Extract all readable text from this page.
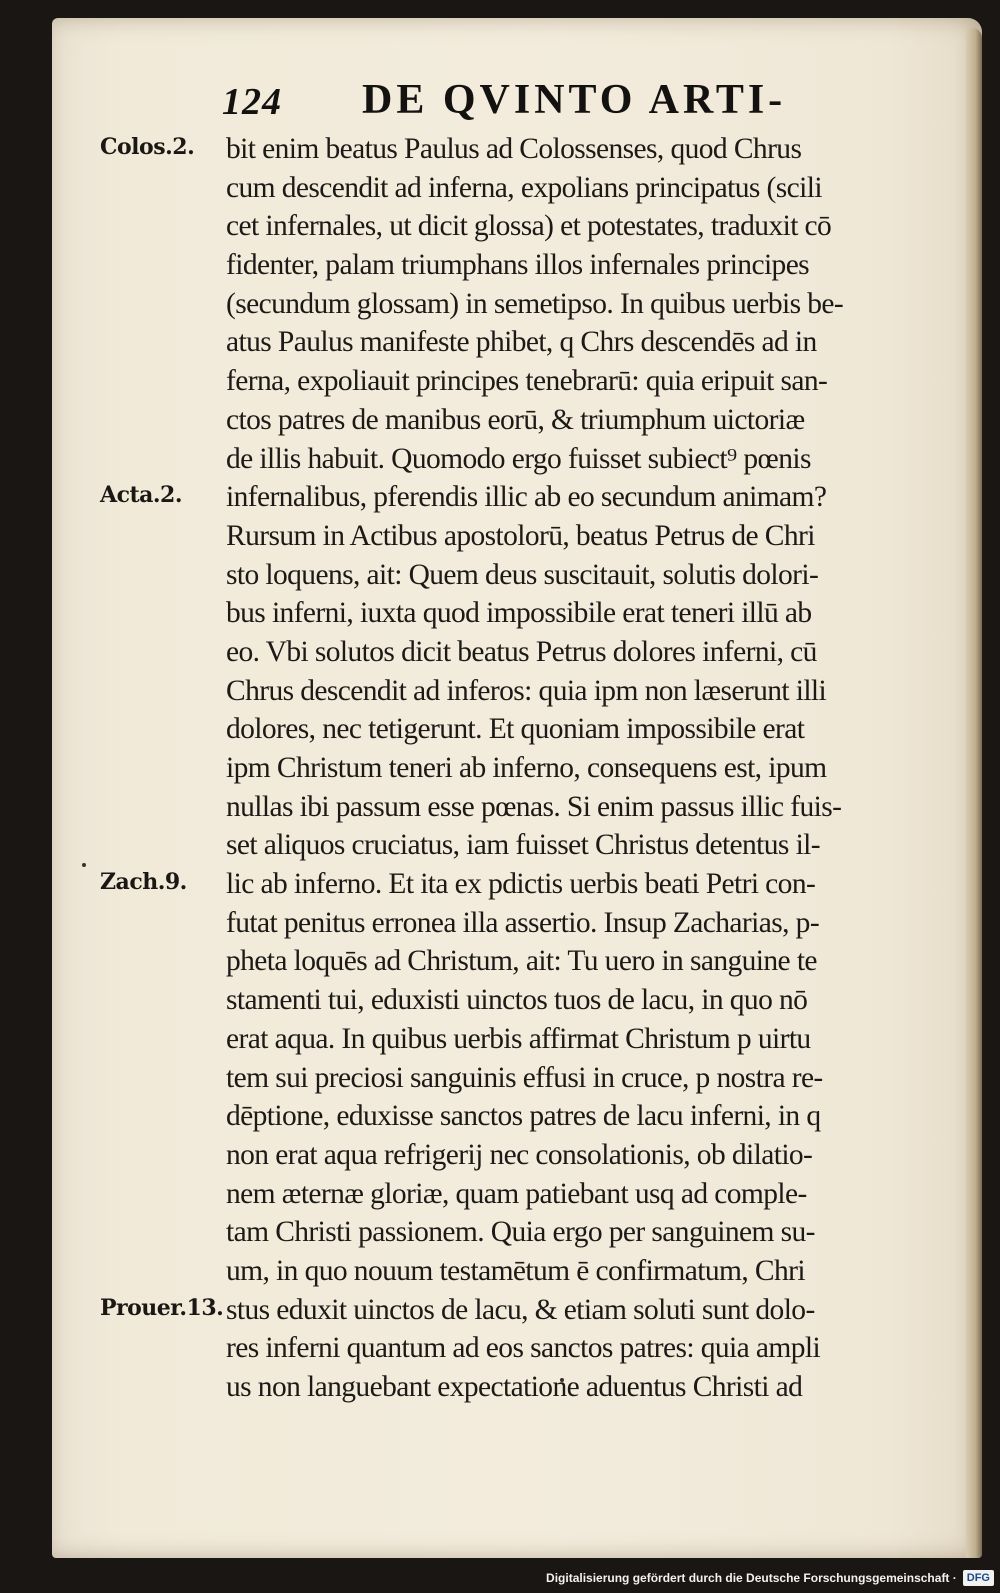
124 DE QVINTO ARTI-
Colos.2.
Acta.2.
Zach.9.
Prouer.13.
bit enim beatus Paulus ad Colossenses, quod Chrus
cum descendit ad inferna, expolians principatus (scili
cet infernales, ut dicit glossa) et potestates, traduxit cō
fidenter, palam triumphans illos infernales principes
(secundum glossam) in semetipso. In quibus uerbis be-
atus Paulus manifeste phibet, q Chrs descendēs ad in
ferna, expoliauit principes tenebrarū: quia eripuit san-
ctos patres de manibus eorū, & triumphum uictoriæ
de illis habuit. Quomodo ergo fuisset subiect⁹ pœnis
infernalibus, pferendis illic ab eo secundum animam?
Rursum in Actibus apostolorū, beatus Petrus de Chri
sto loquens, ait: Quem deus suscitauit, solutis dolori-
bus inferni, iuxta quod impossibile erat teneri illū ab
eo. Vbi solutos dicit beatus Petrus dolores inferni, cū
Chrus descendit ad inferos: quia ipm non læserunt illi
dolores, nec tetigerunt. Et quoniam impossibile erat
ipm Christum teneri ab inferno, consequens est, ipum
nullas ibi passum esse pœnas. Si enim passus illic fuis-
set aliquos cruciatus, iam fuisset Christus detentus il-
lic ab inferno. Et ita ex pdictis uerbis beati Petri con-
futat penitus erronea illa assertio. Insup Zacharias, p-
pheta loquēs ad Christum, ait: Tu uero in sanguine te
stamenti tui, eduxisti uinctos tuos de lacu, in quo nō
erat aqua. In quibus uerbis affirmat Christum p uirtu
tem sui preciosi sanguinis effusi in cruce, p nostra re-
dēptione, eduxisse sanctos patres de lacu inferni, in q
non erat aqua refrigerij nec consolationis, ob dilatio-
nem æternæ gloriæ, quam patiebant usq ad comple-
tam Christi passionem. Quia ergo per sanguinem su-
um, in quo nouum testamētum ē confirmatum, Chri
stus eduxit uinctos de lacu, & etiam soluti sunt dolo-
res inferni quantum ad eos sanctos patres: quia ampli
us non languebant expectatione aduentus Christi ad
Digitalisierung gefördert durch die Deutsche Forschungsgemeinschaft · DFG
